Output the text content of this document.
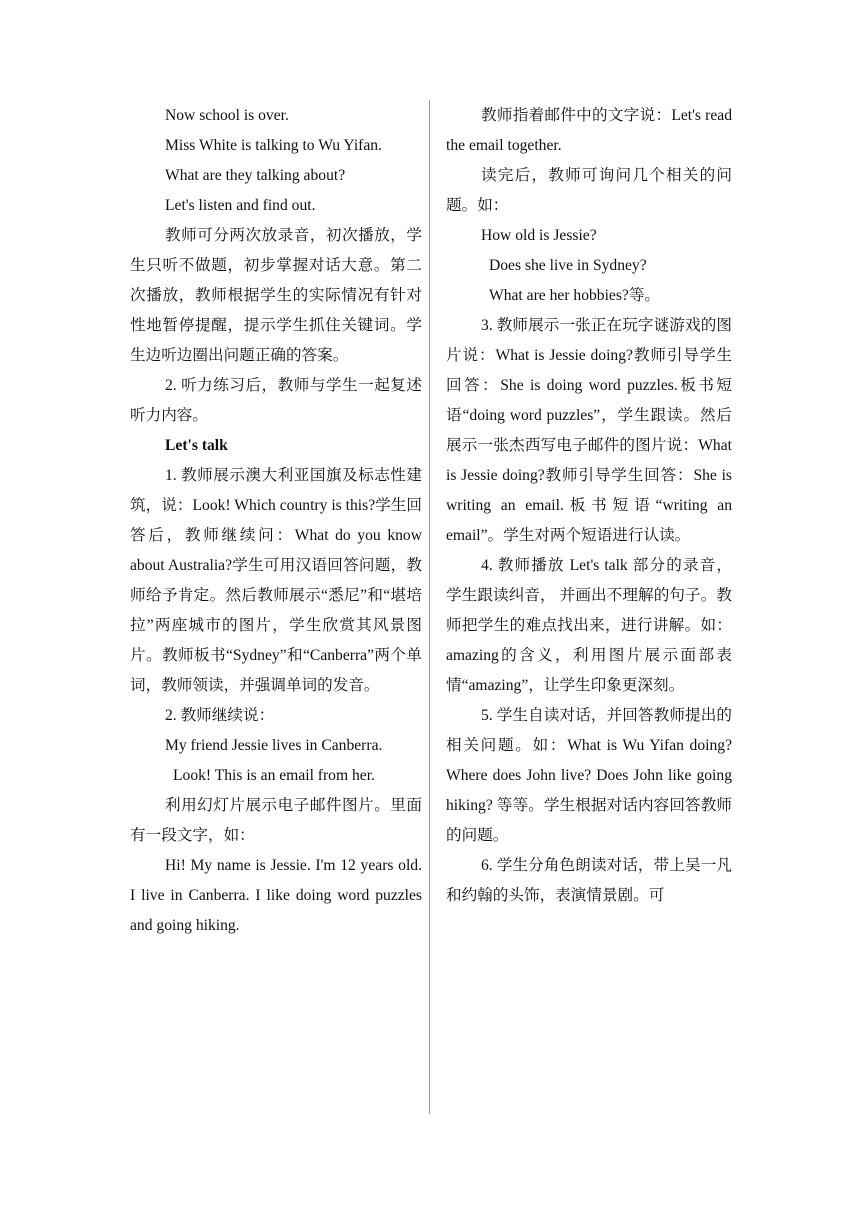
Now school is over.

Miss White is talking to Wu Yifan.

What are they talking about?

Let's listen and find out.

教师可分两次放录音，初次播放，学生只听不做题，初步掌握对话大意。第二次播放，教师根据学生的实际情况有针对性地暂停提醒，提示学生抓住关键词。学生边听边圈出问题正确的答案。

2. 听力练习后，教师与学生一起复述听力内容。

Let's talk

1. 教师展示澳大利亚国旗及标志性建筑，说：Look! Which country is this?学生回答后，教师继续问：What do you know about Australia?学生可用汉语回答问题，教师给予肯定。然后教师展示“悉尼”和“堪培拉”两座城市的图片，学生欣赏其风景图片。教师板书“Sydney”和“Canberra”两个单词，教师领读，并强调单词的发音。

2. 教师继续说：

My friend Jessie lives in Canberra.

Look! This is an email from her.

利用幻灯片展示电子邮件图片。里面有一段文字，如：

Hi! My name is Jessie. I'm 12 years old. I live in Canberra. I like doing word puzzles and going hiking.

教师指着邮件中的文字说：Let's read the email together.

读完后，教师可询问几个相关的问题。如：

How old is Jessie?

Does she live in Sydney?

What are her hobbies?等。

3. 教师展示一张正在玩字谜游戏的图片说：What is Jessie doing?教师引导学生回答：She is doing word puzzles.板书短语“doing word puzzles”，学生跟读。然后展示一张杰西写电子邮件的图片说：What is Jessie doing?教师引导学生回答：She is writing an email.板书短语“writing an email”。学生对两个短语进行认读。

4. 教师播放 Let's talk 部分的录音，学生跟读纠音， 并画出不理解的句子。教师把学生的难点找出来，进行讲解。如：amazing的含义，利用图片展示面部表情“amazing”，让学生印象更深刻。

5. 学生自读对话，并回答教师提出的相关问题。如：What is Wu Yifan doing? Where does John live? Does John like going hiking? 等等。学生根据对话内容回答教师的问题。

6. 学生分角色朗读对话，带上吴一凡和约翰的头饰，表演情景剧。可
